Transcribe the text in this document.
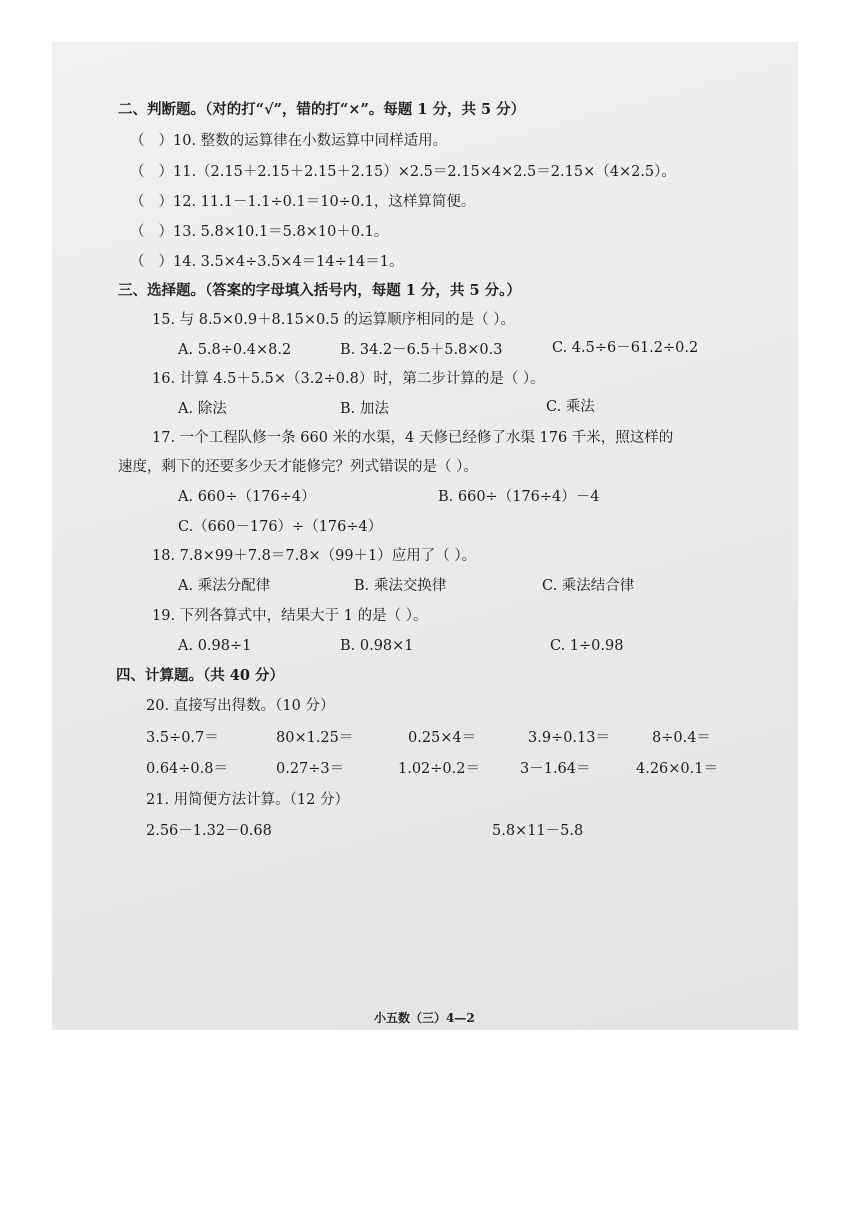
二、判断题。（对的打“√”，错的打“×”。每题 1 分，共 5 分）
（ ）10. 整数的运算律在小数运算中同样适用。
（ ）11.（2.15＋2.15＋2.15＋2.15）×2.5＝2.15×4×2.5＝2.15×（4×2.5）。
（ ）12. 11.1－1.1÷0.1＝10÷0.1，这样算简便。
（ ）13. 5.8×10.1＝5.8×10＋0.1。
（ ）14. 3.5×4÷3.5×4＝14÷14＝1。
三、选择题。（答案的字母填入括号内，每题 1 分，共 5 分。）
15. 与 8.5×0.9＋8.15×0.5 的运算顺序相同的是（ ）。
A. 5.8÷0.4×8.2	B. 34.2－6.5＋5.8×0.3	C. 4.5÷6－61.2÷0.2
16. 计算 4.5＋5.5×（3.2÷0.8）时，第二步计算的是（ ）。
A. 除法	B. 加法	C. 乘法
17. 一个工程队修一条 660 米的水渠，4 天修已经修了水渠 176 千米，照这样的
速度，剩下的还要多少天才能修完？列式错误的是（ ）。
A. 660÷（176÷4）	B. 660÷（176÷4）－4
C.（660－176）÷（176÷4）
18. 7.8×99＋7.8＝7.8×（99＋1）应用了（ ）。
A. 乘法分配律	B. 乘法交换律	C. 乘法结合律
19. 下列各算式中，结果大于 1 的是（ ）。
A. 0.98÷1	B. 0.98×1	C. 1÷0.98
四、计算题。（共 40 分）
20. 直接写出得数。（10 分）
3.5÷0.7＝	80×1.25＝	0.25×4＝	3.9÷0.13＝	8÷0.4＝
0.64÷0.8＝	0.27÷3＝	1.02÷0.2＝	3－1.64＝	4.26×0.1＝
21. 用简便方法计算。（12 分）
2.56－1.32－0.68	5.8×11－5.8
小五数（三）4—2
